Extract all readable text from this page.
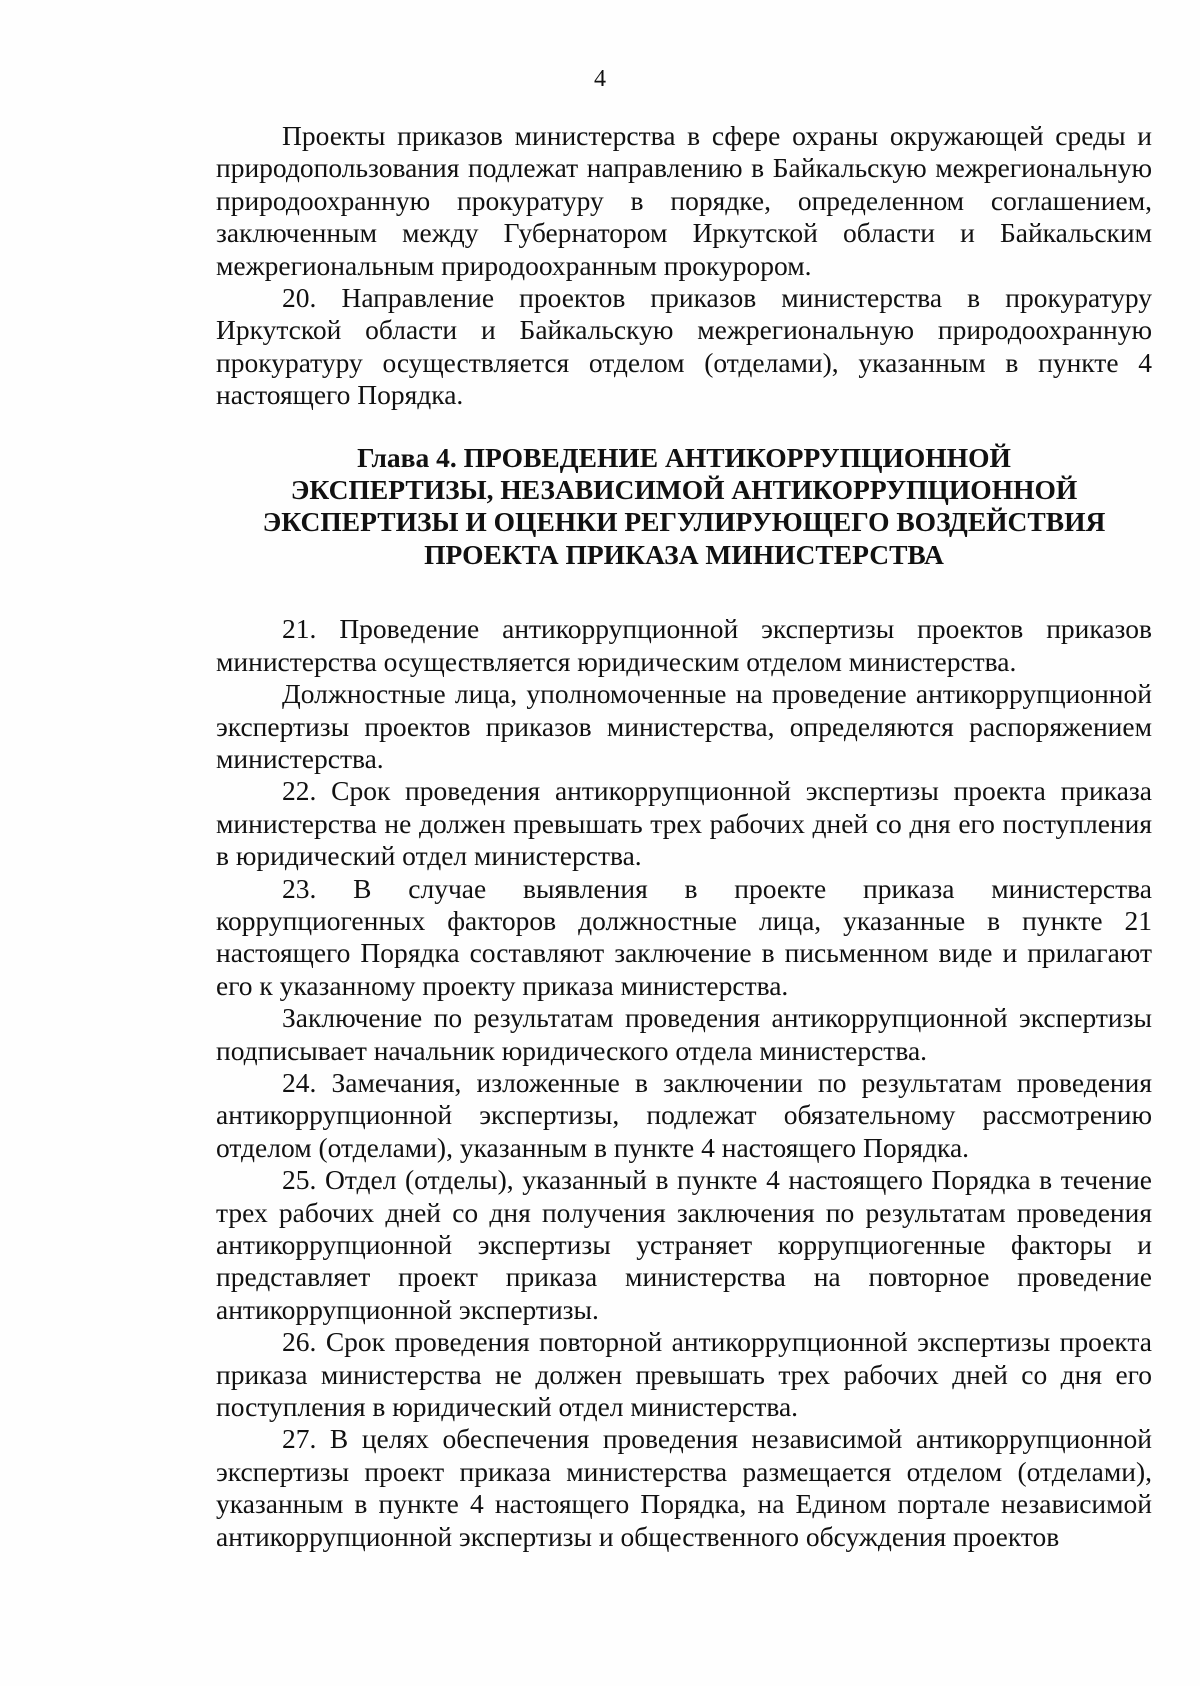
4

Проекты приказов министерства в сфере охраны окружающей среды и природопользования подлежат направлению в Байкальскую межрегиональную природоохранную прокуратуру в порядке, определенном соглашением, заключенным между Губернатором Иркутской области и Байкальским межрегиональным природоохранным прокурором.

20. Направление проектов приказов министерства в прокуратуру Иркутской области и Байкальскую межрегиональную природоохранную прокуратуру осуществляется отделом (отделами), указанным в пункте 4 настоящего Порядка.

Глава 4. ПРОВЕДЕНИЕ АНТИКОРРУПЦИОННОЙ
ЭКСПЕРТИЗЫ, НЕЗАВИСИМОЙ АНТИКОРРУПЦИОННОЙ
ЭКСПЕРТИЗЫ И ОЦЕНКИ РЕГУЛИРУЮЩЕГО ВОЗДЕЙСТВИЯ
ПРОЕКТА ПРИКАЗА МИНИСТЕРСТВА

21. Проведение антикоррупционной экспертизы проектов приказов министерства осуществляется юридическим отделом министерства.

Должностные лица, уполномоченные на проведение антикоррупционной экспертизы проектов приказов министерства, определяются распоряжением министерства.

22. Срок проведения антикоррупционной экспертизы проекта приказа министерства не должен превышать трех рабочих дней со дня его поступления в юридический отдел министерства.

23. В случае выявления в проекте приказа министерства коррупциогенных факторов должностные лица, указанные в пункте 21 настоящего Порядка составляют заключение в письменном виде и прилагают его к указанному проекту приказа министерства.

Заключение по результатам проведения антикоррупционной экспертизы подписывает начальник юридического отдела министерства.

24. Замечания, изложенные в заключении по результатам проведения антикоррупционной экспертизы, подлежат обязательному рассмотрению отделом (отделами), указанным в пункте 4 настоящего Порядка.

25. Отдел (отделы), указанный в пункте 4 настоящего Порядка в течение трех рабочих дней со дня получения заключения по результатам проведения антикоррупционной экспертизы устраняет коррупциогенные факторы и представляет проект приказа министерства на повторное проведение антикоррупционной экспертизы.

26. Срок проведения повторной антикоррупционной экспертизы проекта приказа министерства не должен превышать трех рабочих дней со дня его поступления в юридический отдел министерства.

27. В целях обеспечения проведения независимой антикоррупционной экспертизы проект приказа министерства размещается отделом (отделами), указанным в пункте 4 настоящего Порядка, на Едином портале независимой антикоррупционной экспертизы и общественного обсуждения проектов
